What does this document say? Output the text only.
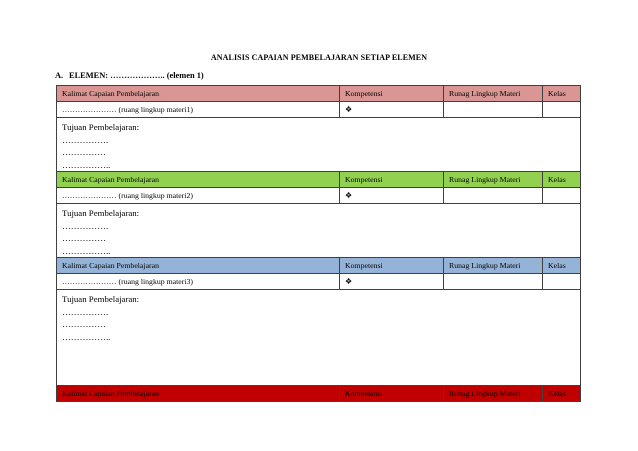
ANALISIS CAPAIAN PEMBELAJARAN SETIAP ELEMEN
A. ELEMEN: ……………….. (elemen 1)
Kalimat Capaian Pembelajaran	Kompetensi	Runag Lingkup Materi	Kelas
………………… (ruang lingkup materi1)	❖		

Tujuan Pembelajaran:
…………….
……………
……………..			

Kalimat Capaian Pembelajaran	Kompetensi	Runag Lingkup Materi	Kelas
………………… (ruang lingkup materi2)	❖		

Tujuan Pembelajaran:
…………….
……………
……………..			

Kalimat Capaian Pembelajaran	Kompetensi	Runag Lingkup Materi	Kelas
………………… (ruang lingkup materi3)	❖		

Tujuan Pembelajaran:
…………….
……………
……………..			

Kalimat Capaian Pembelajaran	Kompetensi	Runag Lingkup Materi	Kelas
